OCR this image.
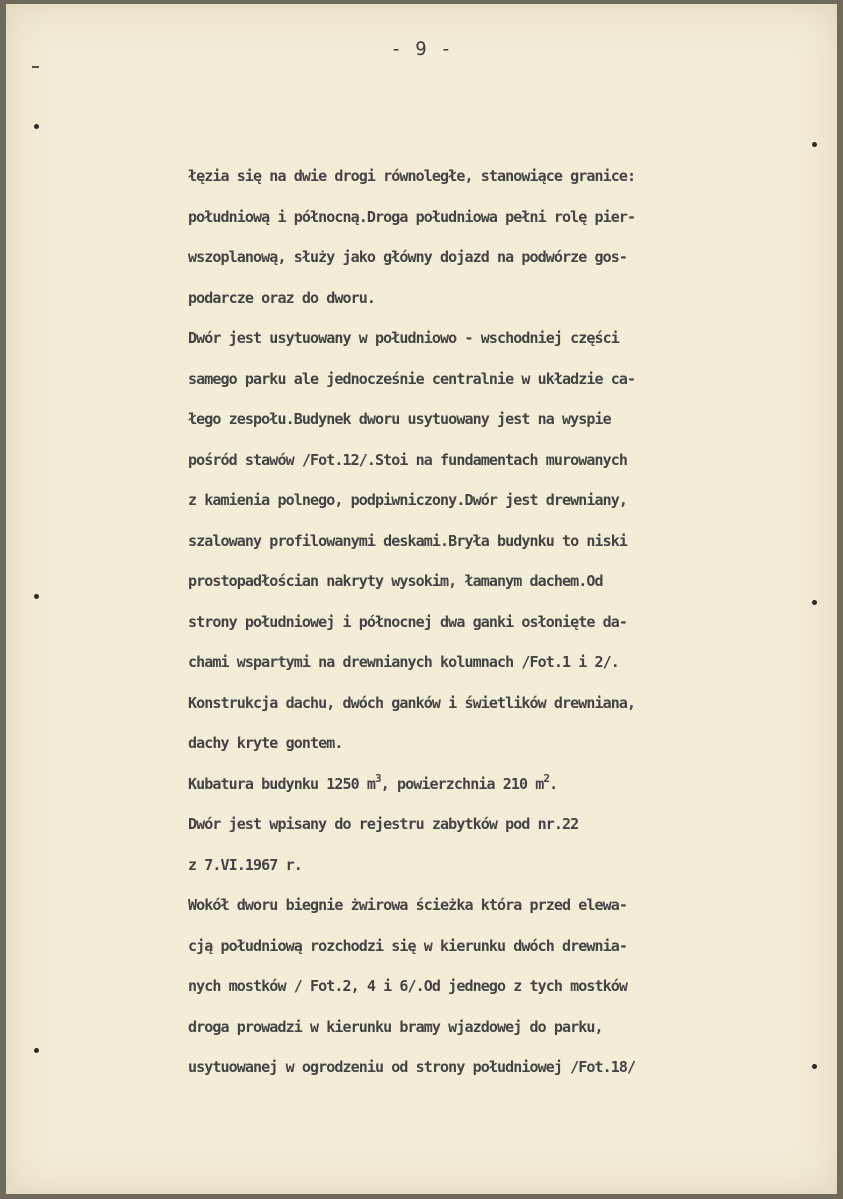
- 9 -
łęzia się na dwie drogi równoległe, stanowiące granice:
południową i północną.Droga południowa pełni rolę pier-
wszoplanową, służy jako główny dojazd na podwórze gos-
podarcze oraz do dworu.
Dwór jest usytuowany w południowo - wschodniej części
samego parku ale jednocześnie centralnie w układzie ca-
łego zespołu.Budynek dworu usytuowany jest na wyspie
pośród stawów /Fot.12/.Stoi na fundamentach murowanych
z kamienia polnego, podpiwniczony.Dwór jest drewniany,
szalowany profilowanymi deskami.Bryła budynku to niski
prostopadłościan nakryty wysokim, łamanym dachem.Od
strony południowej i północnej dwa ganki osłonięte da-
chami wspartymi na drewnianych kolumnach /Fot.1 i 2/.
Konstrukcja dachu, dwóch ganków i świetlików drewniana,
dachy kryte gontem.
Kubatura budynku 1250 $m^3$, powierzchnia 210 $m^2$.
Dwór jest wpisany do rejestru zabytków pod nr.22
z 7.VI.1967 r.
Wokół dworu biegnie żwirowa ścieżka która przed elewa-
cją południową rozchodzi się w kierunku dwóch drewnia-
nych mostków / Fot.2, 4 i 6/.Od jednego z tych mostków
droga prowadzi w kierunku bramy wjazdowej do parku,
usytuowanej w ogrodzeniu od strony południowej /Fot.18/
